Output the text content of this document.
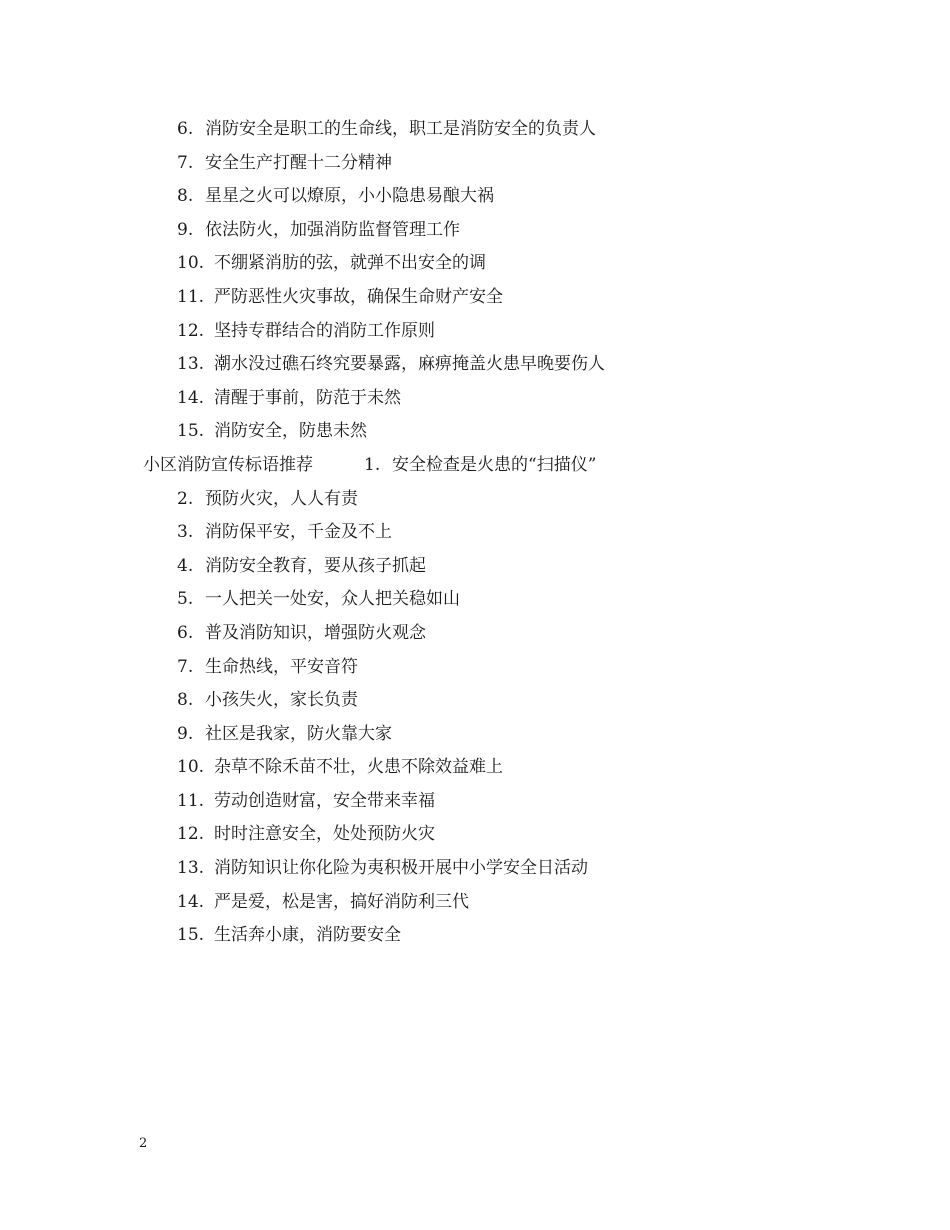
6. 消防安全是职工的生命线，职工是消防安全的负责人
7. 安全生产打醒十二分精神
8. 星星之火可以燎原，小小隐患易酿大祸
9. 依法防火，加强消防监督管理工作
10. 不绷紧消肪的弦，就弹不出安全的调
11. 严防恶性火灾事故，确保生命财产安全
12. 坚持专群结合的消防工作原则
13. 潮水没过礁石终究要暴露，麻痹掩盖火患早晚要伤人
14. 清醒于事前，防范于未然
15. 消防安全，防患未然
小区消防宣传标语推荐	1. 安全检查是火患的“扫描仪”
2. 预防火灾，人人有责
3. 消防保平安，千金及不上
4. 消防安全教育，要从孩子抓起
5. 一人把关一处安，众人把关稳如山
6. 普及消防知识，增强防火观念
7. 生命热线，平安音符
8. 小孩失火，家长负责
9. 社区是我家，防火靠大家
10. 杂草不除禾苗不壮，火患不除效益难上
11. 劳动创造财富，安全带来幸福
12. 时时注意安全，处处预防火灾
13. 消防知识让你化险为夷积极开展中小学安全日活动
14. 严是爱，松是害，搞好消防利三代
15. 生活奔小康，消防要安全
2
